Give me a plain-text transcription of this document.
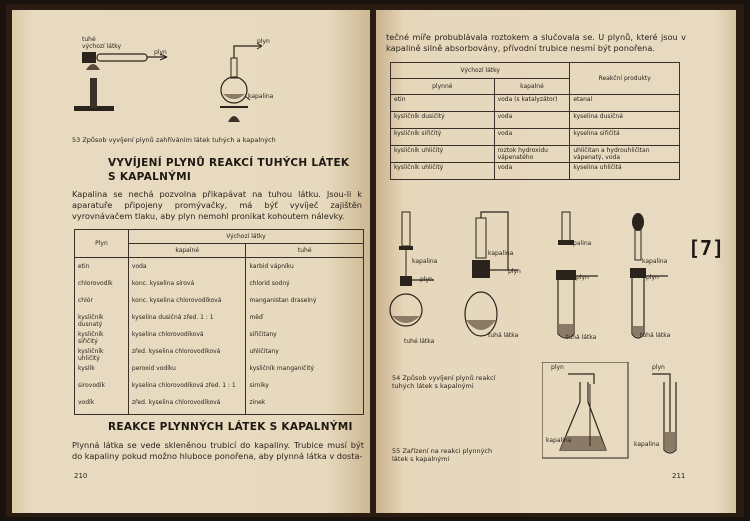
tuhé
výchozí látky
plyn
plyn
kapalina
53 Způsob vyvíjení plynů zahříváním látek tuhých a kapalných
VYVÍJENÍ PLYNŮ REAKCÍ TUHÝCH LÁTEK
S KAPALNÝMI
Kapalina se nechá pozvolna přikapávat na tuhou látku. Jsou-li k aparatuře připojeny promývačky, má býť vyvíječ zajištěn vyrovnávačem tlaku, aby plyn nemohl pronikat kohoutem nálevky.
Plyn	Výchozí látky	
	kapalné	tuhé
etin	voda	karbid vápníku
chlorovodík	konc. kyselina sírová	chlorid sodný
chlór	konc. kyselina chlorovodíková	manganistan draselný
kysličník dusnatý	kyselina dusičná zřed. 1 : 1	měď
kysličník siřičitý	kyselina chlorovodíková	siřičitany
kysličník uhličitý	zřed. kyselina chlorovodíková	uhličitany
kyslík	peroxid vodíku	kysličník manganičitý
sirovodík	kyselina chlorovodíková zřed. 1 : 1	sirníky
vodík	zřed. kyselina chlorovodíková	zinek
REAKCE PLYNNÝCH LÁTEK S KAPALNÝMI
Plynná látka se vede skleněnou trubicí do kapaliny. Trubice musí být do kapaliny pokud možno hluboce ponořena, aby plynná látka v dosta-
210
tečné míře probublávala roztokem a slučovala se. U plynů, které jsou v kapalině silně absorbovány, přívodní trubice nesmí být ponořena.
Výchozí látky		Reakční produkty
plynné	kapalné	
etin	voda (s katalyzátor)	etanal
kysličník dusičitý	voda	kyselina dusičná
kysličník siřičitý	voda	kyselina siřičitá
kysličník uhličitý	roztok hydroxidu vápenatého	uhličitan a hydrouhličitan vápenatý, voda
kysličník uhličitý	voda	kyselina uhličitá
kapalina
plyn
tuhé látka
kapalina
plyn
tuhá látka
kapalina
plyn
tuhá látka
kapalina
plyn
tuhá látka
[7]
54 Způsob vyvíjení plynů reakcí tuhých látek s kapalnými
plyn
kapalina
plyn
kapalina
55 Zařízení na reakci plynných látek s kapalnými
211
